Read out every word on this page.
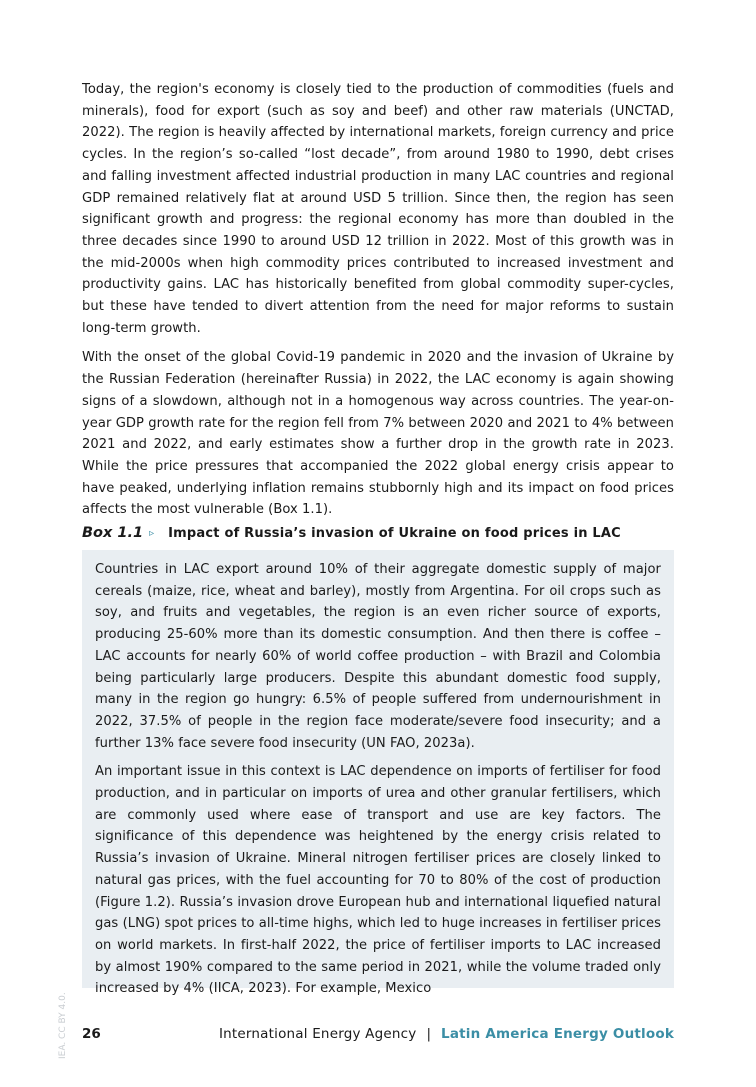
Today, the region's economy is closely tied to the production of commodities (fuels and minerals), food for export (such as soy and beef) and other raw materials (UNCTAD, 2022). The region is heavily affected by international markets, foreign currency and price cycles. In the region’s so-called “lost decade”, from around 1980 to 1990, debt crises and falling investment affected industrial production in many LAC countries and regional GDP remained relatively flat at around USD 5 trillion. Since then, the region has seen significant growth and progress: the regional economy has more than doubled in the three decades since 1990 to around USD 12 trillion in 2022. Most of this growth was in the mid-2000s when high commodity prices contributed to increased investment and productivity gains. LAC has historically benefited from global commodity super-cycles, but these have tended to divert attention from the need for major reforms to sustain long-term growth.

With the onset of the global Covid-19 pandemic in 2020 and the invasion of Ukraine by the Russian Federation (hereinafter Russia) in 2022, the LAC economy is again showing signs of a slowdown, although not in a homogenous way across countries. The year-on-year GDP growth rate for the region fell from 7% between 2020 and 2021 to 4% between 2021 and 2022, and early estimates show a further drop in the growth rate in 2023. While the price pressures that accompanied the 2022 global energy crisis appear to have peaked, underlying inflation remains stubbornly high and its impact on food prices affects the most vulnerable (Box 1.1).

Box 1.1 ▹ Impact of Russia’s invasion of Ukraine on food prices in LAC

Countries in LAC export around 10% of their aggregate domestic supply of major cereals (maize, rice, wheat and barley), mostly from Argentina. For oil crops such as soy, and fruits and vegetables, the region is an even richer source of exports, producing 25-60% more than its domestic consumption. And then there is coffee – LAC accounts for nearly 60% of world coffee production – with Brazil and Colombia being particularly large producers. Despite this abundant domestic food supply, many in the region go hungry: 6.5% of people suffered from undernourishment in 2022, 37.5% of people in the region face moderate/severe food insecurity; and a further 13% face severe food insecurity (UN FAO, 2023a).

An important issue in this context is LAC dependence on imports of fertiliser for food production, and in particular on imports of urea and other granular fertilisers, which are commonly used where ease of transport and use are key factors. The significance of this dependence was heightened by the energy crisis related to Russia’s invasion of Ukraine. Mineral nitrogen fertiliser prices are closely linked to natural gas prices, with the fuel accounting for 70 to 80% of the cost of production (Figure 1.2). Russia’s invasion drove European hub and international liquefied natural gas (LNG) spot prices to all-time highs, which led to huge increases in fertiliser prices on world markets. In first-half 2022, the price of fertiliser imports to LAC increased by almost 190% compared to the same period in 2021, while the volume traded only increased by 4% (IICA, 2023). For example, Mexico

IEA. CC BY 4.0. 26	International Energy Agency | Latin America Energy Outlook
